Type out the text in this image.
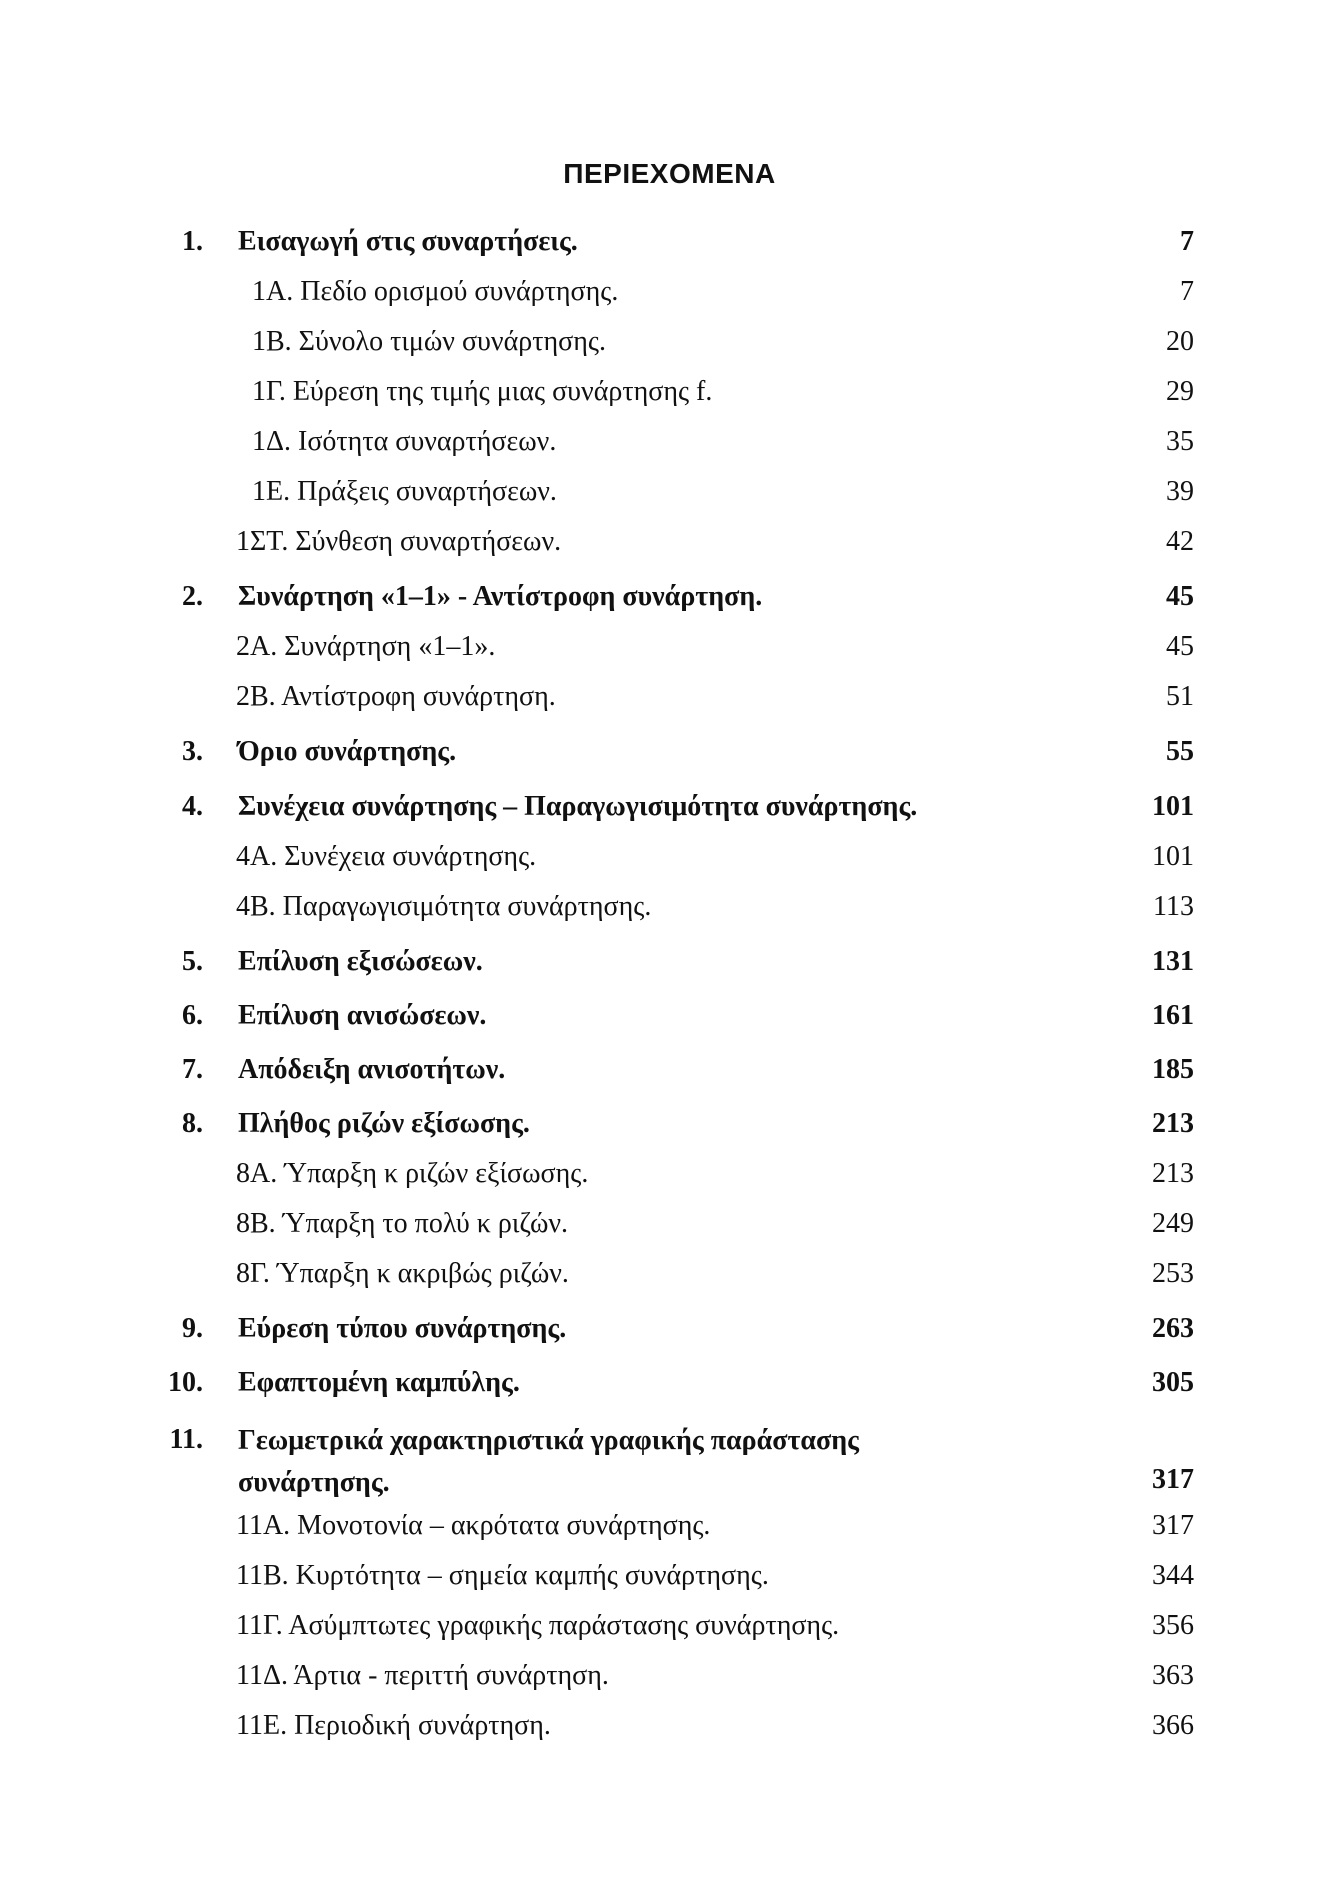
ΠΕΡΙΕΧΟΜΕΝΑ
1. Εισαγωγή στις συναρτήσεις.	7
1Α. Πεδίο ορισμού συνάρτησης.	7
1Β. Σύνολο τιμών συνάρτησης.	20
1Γ. Εύρεση της τιμής μιας συνάρτησης f.	29
1Δ. Ισότητα συναρτήσεων.	35
1Ε. Πράξεις συναρτήσεων.	39
1ΣΤ. Σύνθεση συναρτήσεων.	42
2. Συνάρτηση «1–1» - Αντίστροφη συνάρτηση.	45
2Α. Συνάρτηση «1–1».	45
2Β. Αντίστροφη συνάρτηση.	51
3. Όριο συνάρτησης.	55
4. Συνέχεια συνάρτησης – Παραγωγισιμότητα συνάρτησης.	101
4Α. Συνέχεια συνάρτησης.	101
4Β. Παραγωγισιμότητα συνάρτησης.	113
5. Επίλυση εξισώσεων.	131
6. Επίλυση ανισώσεων.	161
7. Απόδειξη ανισοτήτων.	185
8. Πλήθος ριζών εξίσωσης.	213
8Α. Ύπαρξη κ ριζών εξίσωσης.	213
8Β. Ύπαρξη το πολύ κ ριζών.	249
8Γ. Ύπαρξη κ ακριβώς ριζών.	253
9. Εύρεση τύπου συνάρτησης.	263
10. Εφαπτομένη καμπύλης.	305
11. Γεωμετρικά χαρακτηριστικά γραφικής παράστασης συνάρτησης.	317
11Α. Μονοτονία – ακρότατα συνάρτησης.	317
11Β. Κυρτότητα – σημεία καμπής συνάρτησης.	344
11Γ. Ασύμπτωτες γραφικής παράστασης συνάρτησης.	356
11Δ. Άρτια - περιττή συνάρτηση.	363
11Ε. Περιοδική συνάρτηση.	366
